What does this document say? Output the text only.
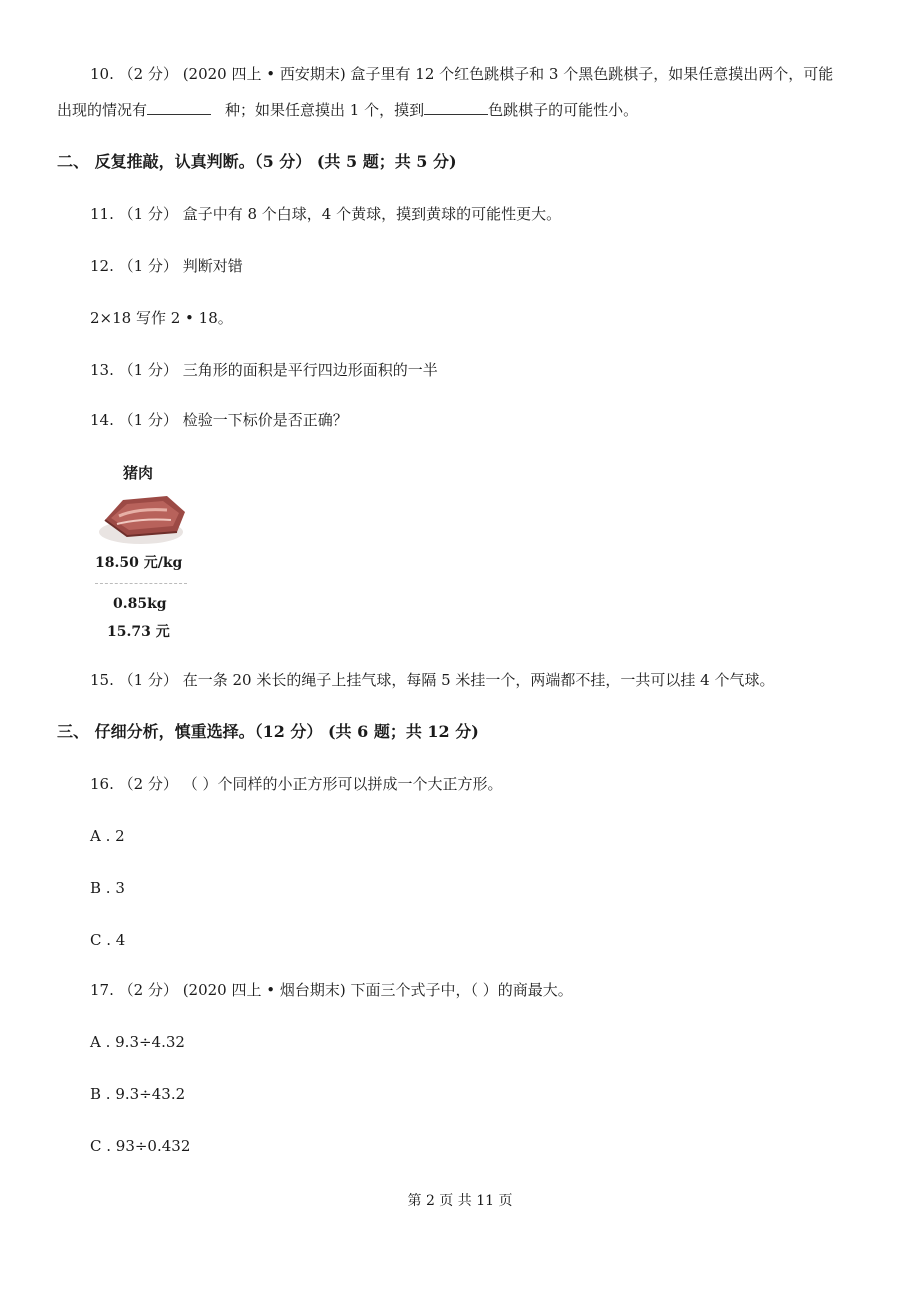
10. （2 分） (2020 四上 • 西安期末) 盒子里有 12 个红色跳棋子和 3 个黑色跳棋子，如果任意摸出两个，可能
出现的情况有	种；如果任意摸出 1 个，摸到	色跳棋子的可能性小。
二、 反复推敲，认真判断。（5 分） (共 5 题；共 5 分)
11. （1 分） 盒子中有 8 个白球，4 个黄球，摸到黄球的可能性更大。
12. （1 分） 判断对错
2×18 写作 2 • 18。
13. （1 分） 三角形的面积是平行四边形面积的一半
14. （1 分） 检验一下标价是否正确？
猪肉
18.50 元/kg
0.85kg
15.73 元
15. （1 分） 在一条 20 米长的绳子上挂气球，每隔 5 米挂一个，两端都不挂，一共可以挂 4 个气球。
三、 仔细分析，慎重选择。（12 分） (共 6 题；共 12 分)
16. （2 分） （ ）个同样的小正方形可以拼成一个大正方形。
A . 2
B . 3
C . 4
17. （2 分） (2020 四上 • 烟台期末) 下面三个式子中，（ ）的商最大。
A . 9.3÷4.32
B . 9.3÷43.2
C . 93÷0.432
第 2 页 共 11 页
